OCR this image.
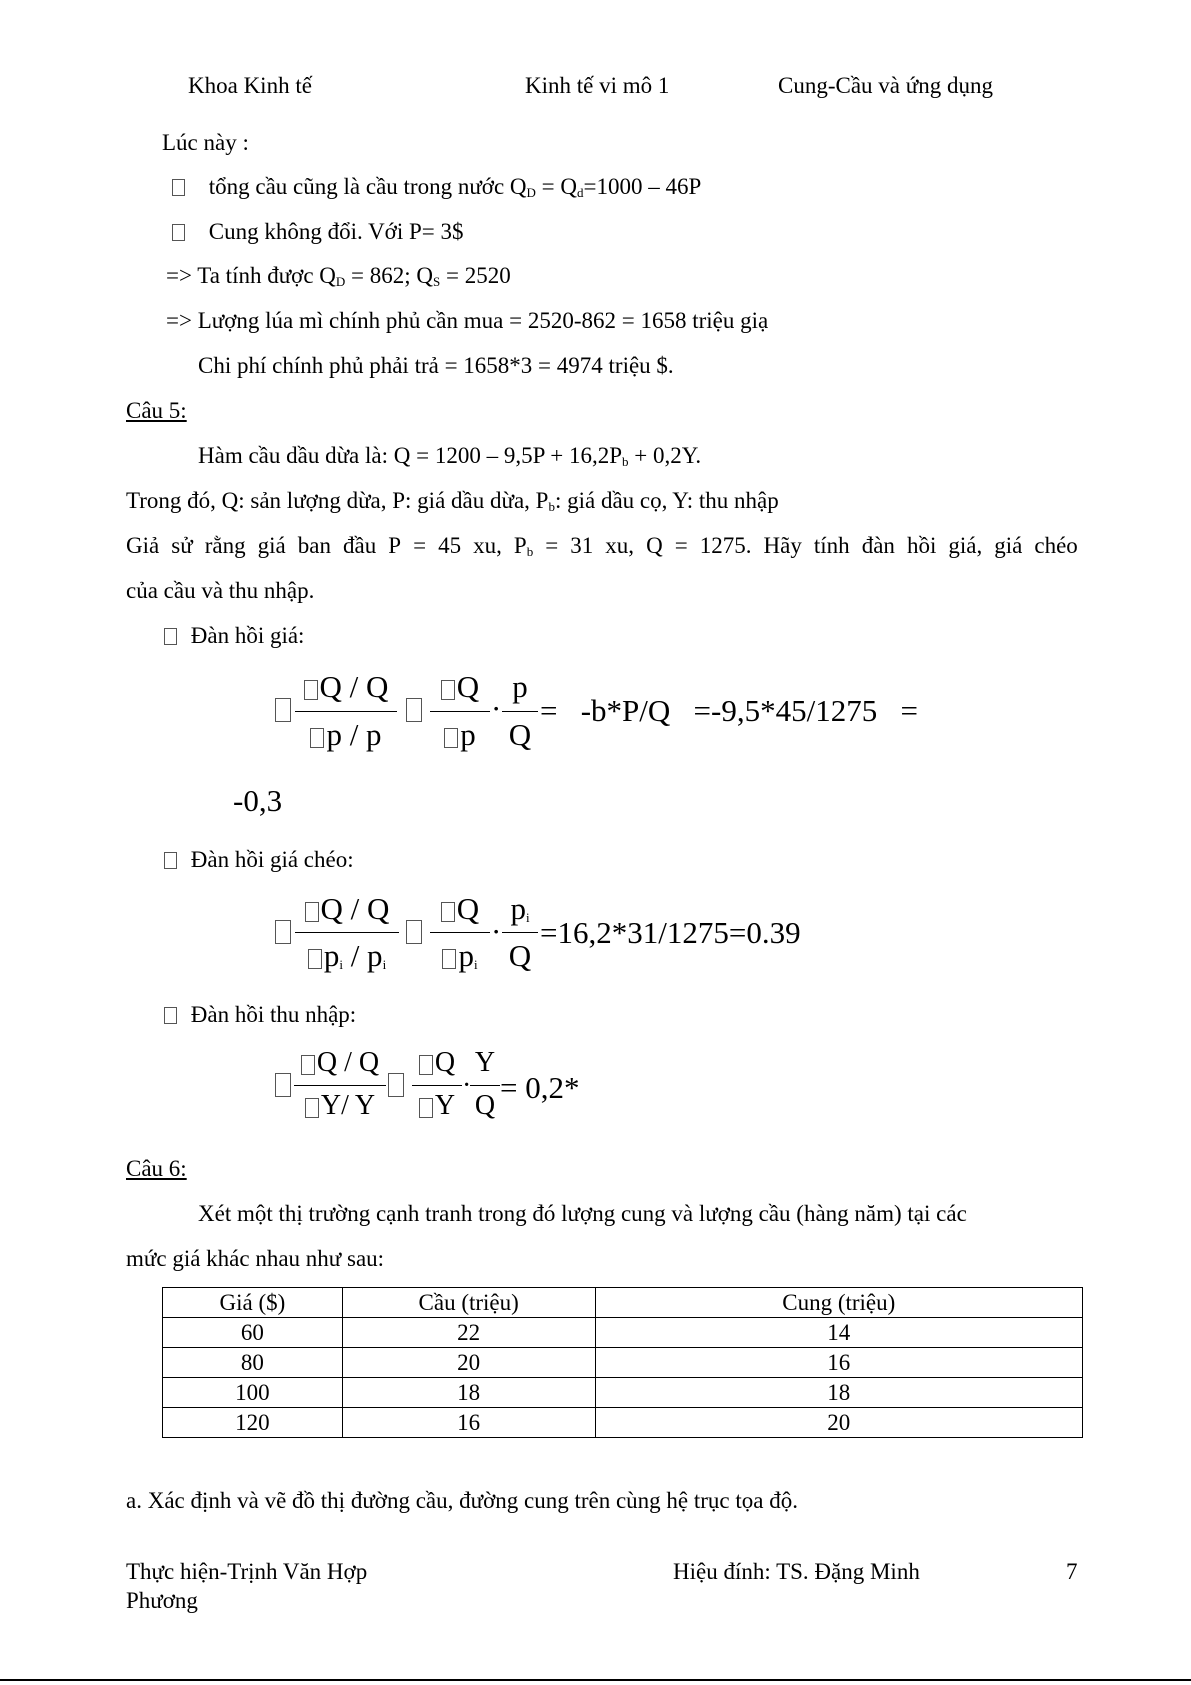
Khoa Kinh tế	Kinh tế vi mô 1	Cung-Cầu và ứng dụng
Lúc này :
tổng cầu cũng là cầu trong nước $Q_D = Q_d=1000 - 46P$
Cung không đổi. Với P= 3$
=> Ta tính được $Q_D = 862$; $Q_S = 2520$
=> Lượng lúa mì chính phủ cần mua = 2520-862 = 1658 triệu giạ
Chi phí chính phủ phải trả = 1658*3 = 4974 triệu $.
Câu 5:
Hàm cầu dầu dừa là: $Q = 1200 - 9,5P + 16,2P_b + 0,2Y$.
Trong đó, Q: sản lượng dừa, P: giá dầu dừa, $P_b$: giá dầu cọ, Y: thu nhập
Giả sử rằng giá ban đầu P = 45 xu, $P_b = 31$ xu, Q = 1275. Hãy tính đàn hồi giá, giá chéo
của cầu và thu nhập.
Đàn hồi giá:
Q / Q
p / p
Q
p
·
p
Q
=   -b*P/Q   =-9,5*45/1275   =
-0,3
Đàn hồi giá chéo:
Q / Q
$p_i / p_i$
Q
$p_i$
·
$p_i$
Q
=16,2*31/1275=0.39
Đàn hồi thu nhập:
Q / Q
Y/ Y
Q
Y
·
Y
Q
= 0,2*
Câu 6:
Xét một thị trường cạnh tranh trong đó lượng cung và lượng cầu (hàng năm) tại các
mức giá khác nhau như sau:
Giá ($)	Cầu (triệu)	Cung (triệu)
60	22	14
80	20	16
100	18	18
120	16	20
a. Xác định và vẽ đồ thị đường cầu, đường cung trên cùng hệ trục tọa độ.
Thực hiện-Trịnh Văn Hợp
Phương
Hiệu đính: TS. Đặng Minh	7
